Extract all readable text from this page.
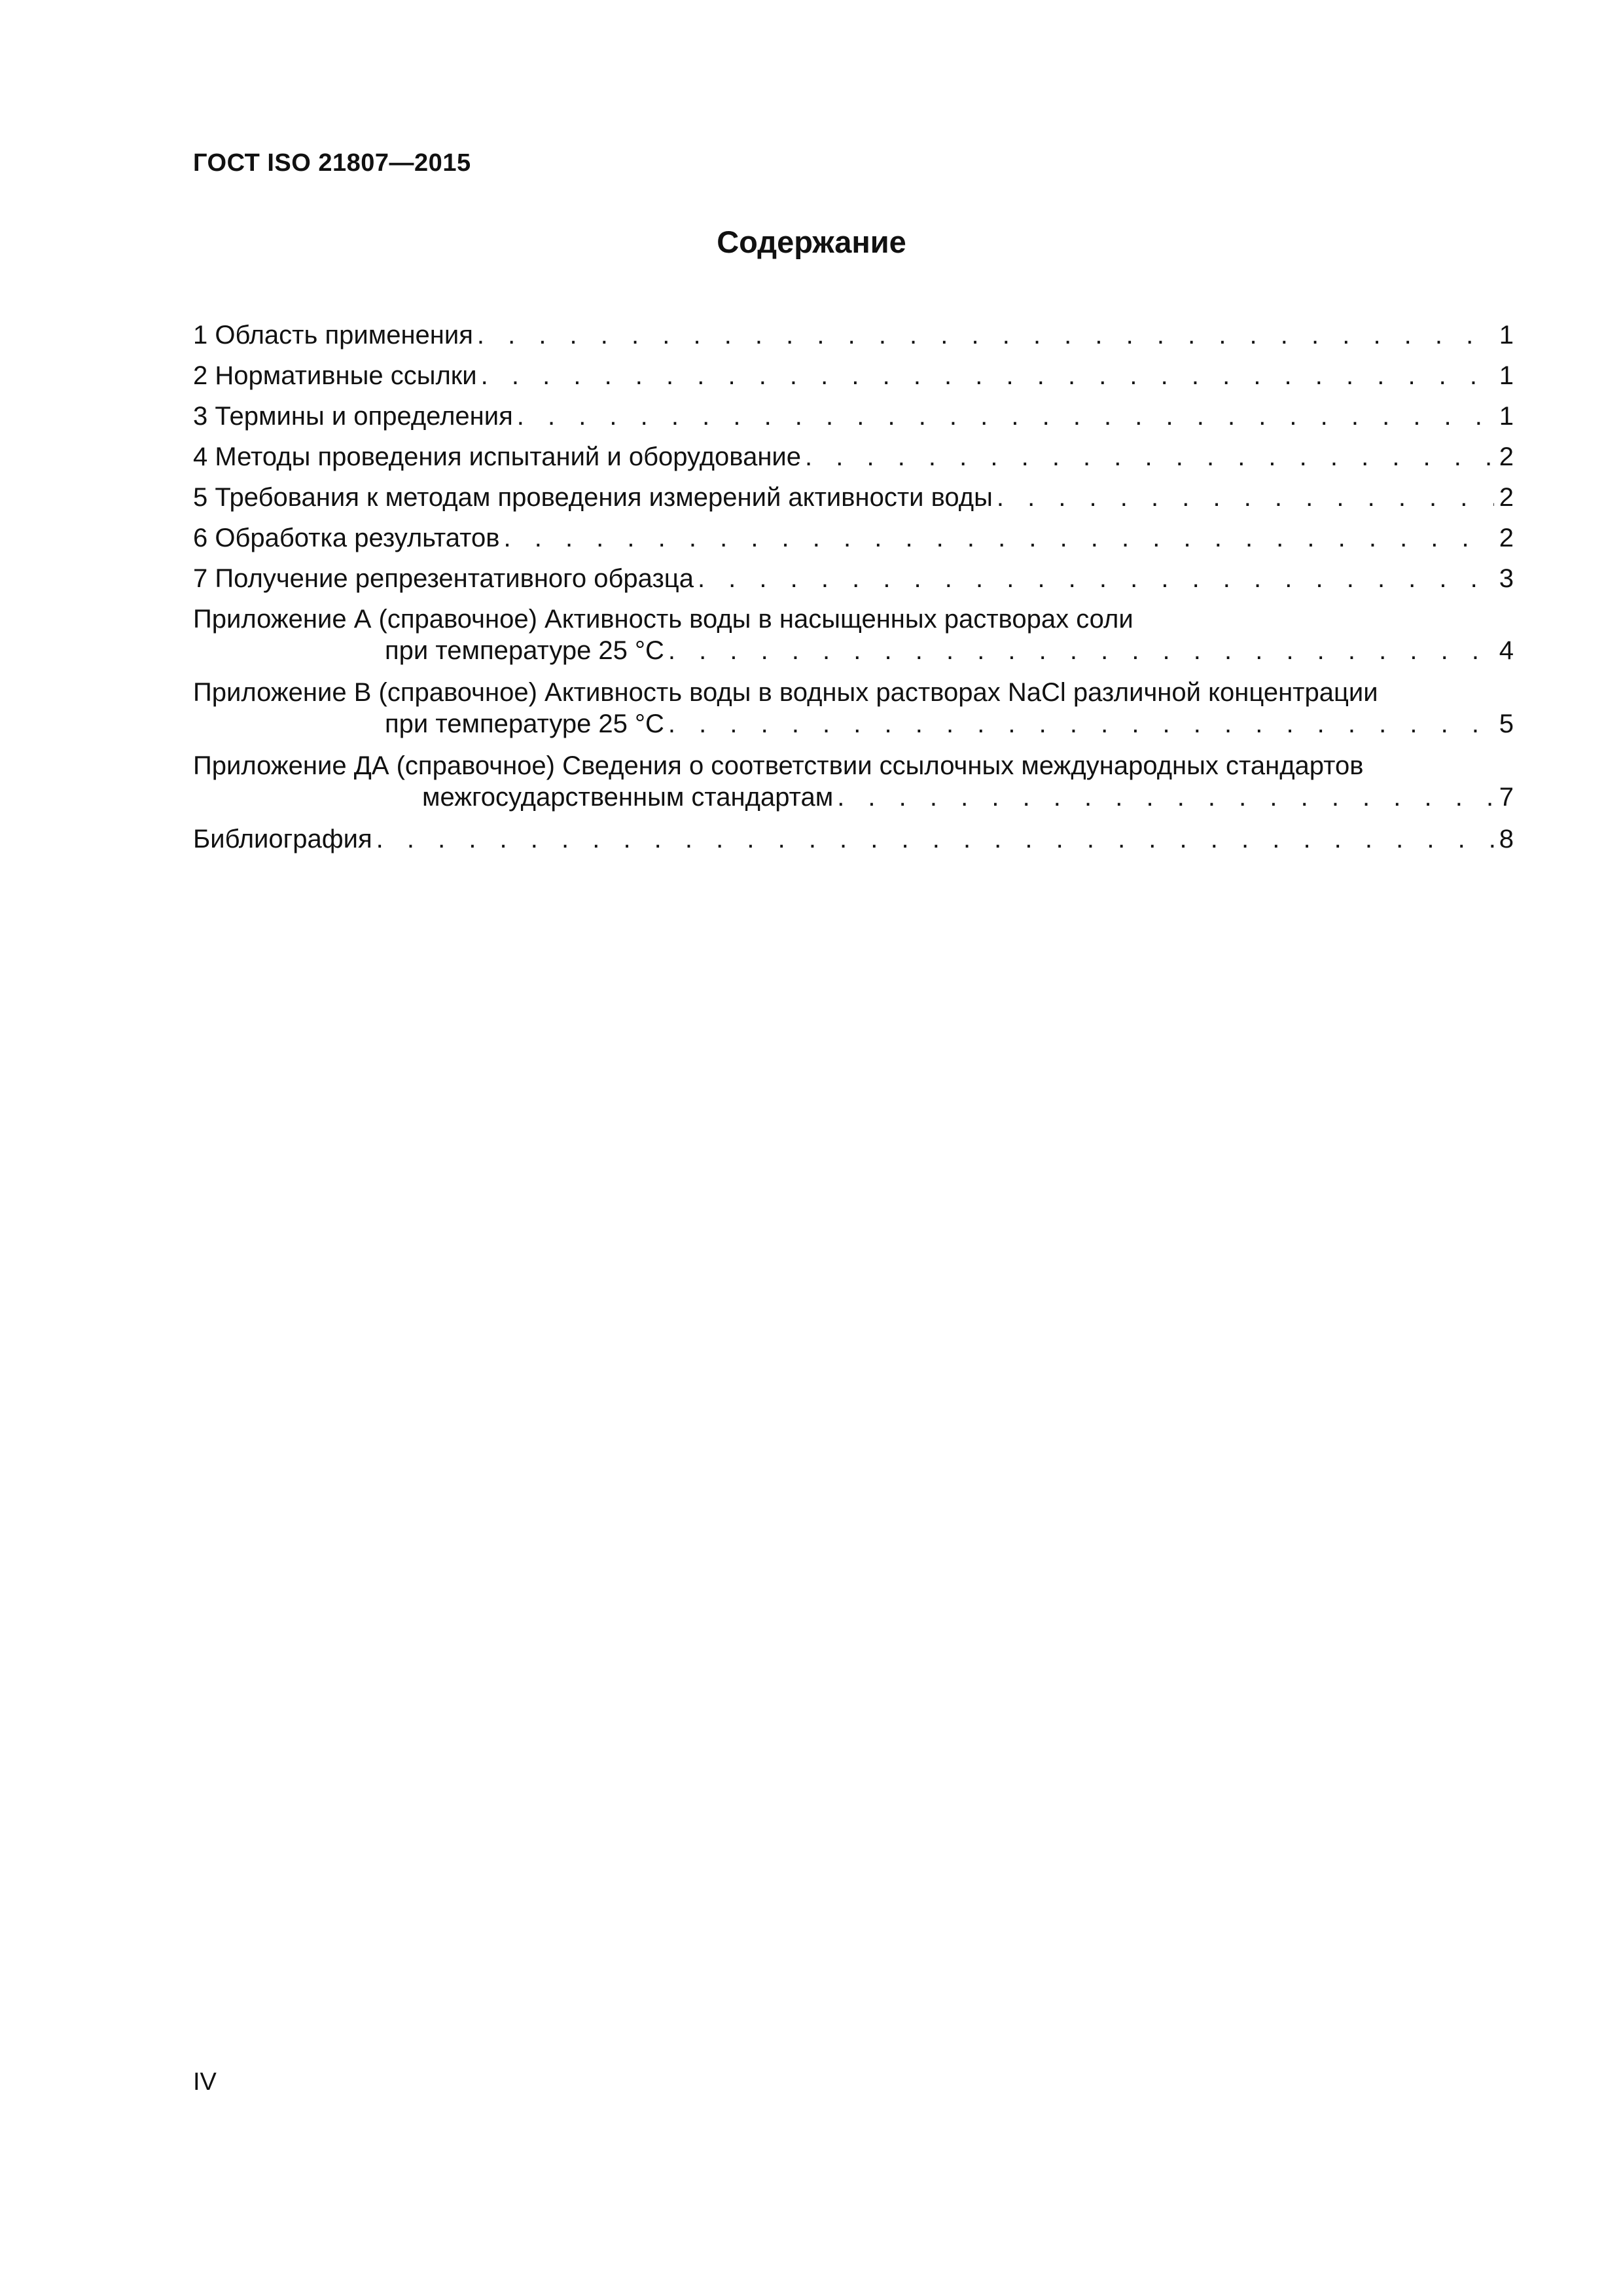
ГОСТ ISO 21807—2015
Содержание
1 Область применения . . .	1
2 Нормативные ссылки . . .	1
3 Термины и определения . . .	1
4 Методы проведения испытаний и оборудование . . .	2
5 Требования к методам проведения измерений активности воды . . .	2
6 Обработка результатов . . .	2
7 Получение репрезентативного образца . . .	3
Приложение А (справочное) Активность воды в насыщенных растворах соли
при температуре 25 °С . . .	4
Приложение В (справочное) Активность воды в водных растворах NaCl различной концентрации
при температуре 25 °С . . .	5
Приложение ДА (справочное) Сведения о соответствии ссылочных международных стандартов
межгосударственным стандартам . . .	7
Библиография . . .	8
IV
